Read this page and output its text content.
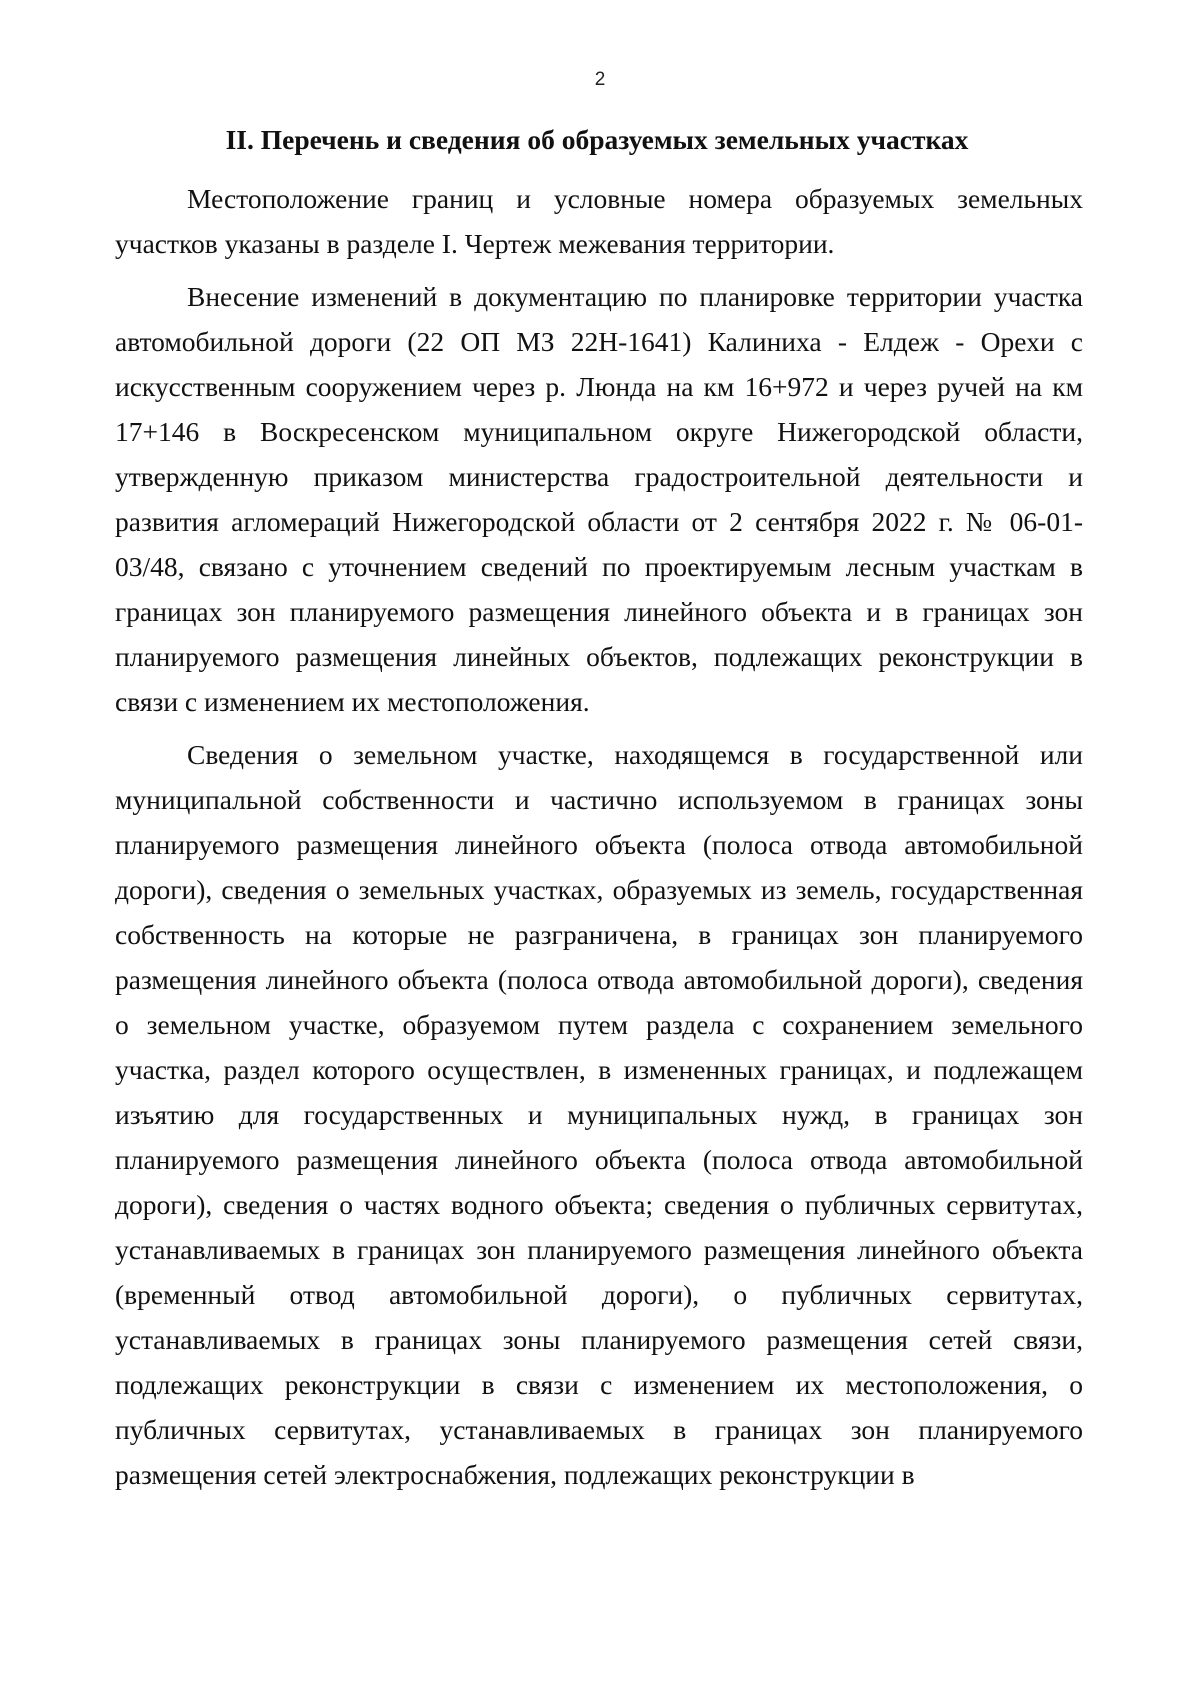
2
II. Перечень и сведения об образуемых земельных участках

Местоположение границ и условные номера образуемых земельных участков указаны в разделе I. Чертеж межевания территории.

Внесение изменений в документацию по планировке территории участка автомобильной дороги (22 ОП МЗ 22Н-1641) Калиниха - Елдеж - Орехи с искусственным сооружением через р. Люнда на км 16+972 и через ручей на км 17+146 в Воскресенском муниципальном округе Нижегородской области, утвержденную приказом министерства градостроительной деятельности и развития агломераций Нижегородской области от 2 сентября 2022 г. № 06-01-03/48, связано с уточнением сведений по проектируемым лесным участкам в границах зон планируемого размещения линейного объекта и в границах зон планируемого размещения линейных объектов, подлежащих реконструкции в связи с изменением их местоположения.

Сведения о земельном участке, находящемся в государственной или муниципальной собственности и частично используемом в границах зоны планируемого размещения линейного объекта (полоса отвода автомобильной дороги), сведения о земельных участках, образуемых из земель, государственная собственность на которые не разграничена, в границах зон планируемого размещения линейного объекта (полоса отвода автомобильной дороги), сведения о земельном участке, образуемом путем раздела с сохранением земельного участка, раздел которого осуществлен, в измененных границах, и подлежащем изъятию для государственных и муниципальных нужд, в границах зон планируемого размещения линейного объекта (полоса отвода автомобильной дороги), сведения о частях водного объекта; сведения о публичных сервитутах, устанавливаемых в границах зон планируемого размещения линейного объекта (временный отвод автомобильной дороги), о публичных сервитутах, устанавливаемых в границах зоны планируемого размещения сетей связи, подлежащих реконструкции в связи с изменением их местоположения, о публичных сервитутах, устанавливаемых в границах зон планируемого размещения сетей электроснабжения, подлежащих реконструкции в
